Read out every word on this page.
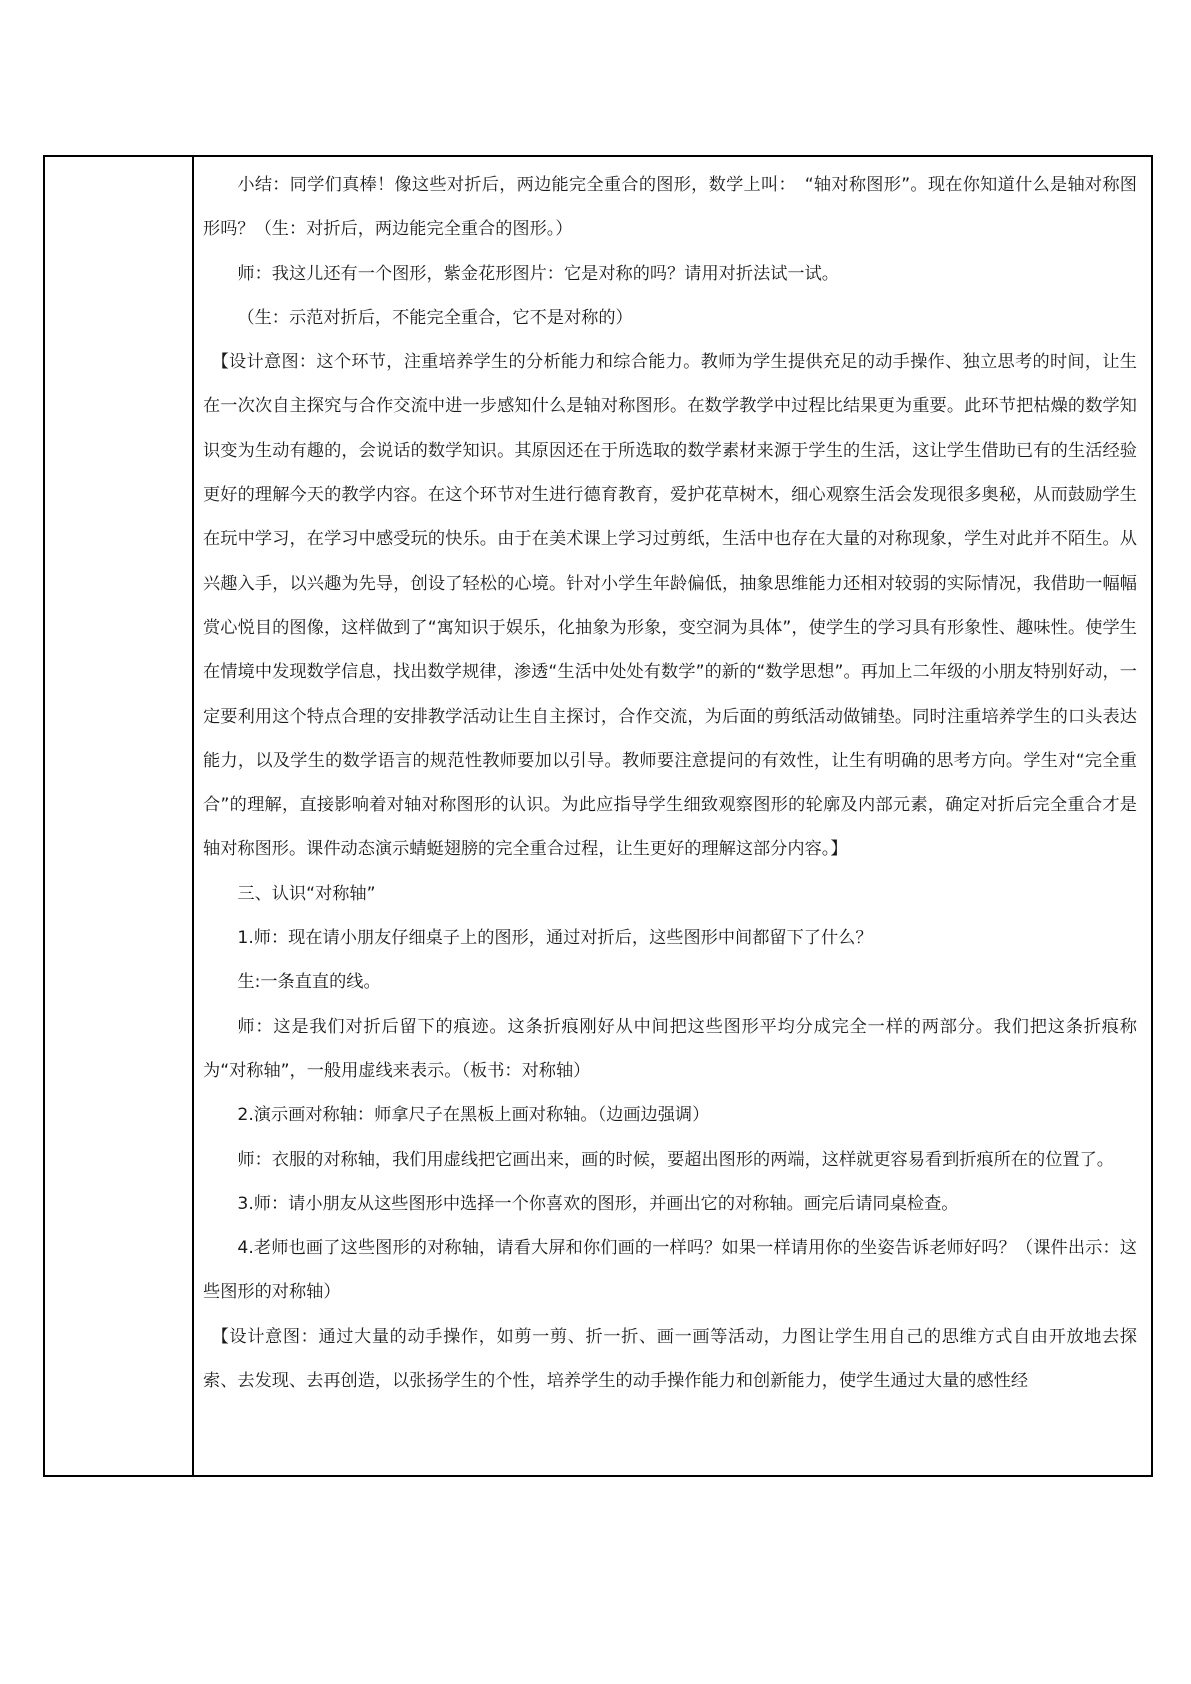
小结：同学们真棒！像这些对折后，两边能完全重合的图形，数学上叫：　“轴对称图形”。现在你知道什么是轴对称图形吗？（生：对折后，两边能完全重合的图形。）

师：我这儿还有一个图形，紫金花形图片：它是对称的吗？请用对折法试一试。

（生：示范对折后，不能完全重合，它不是对称的）

【设计意图：这个环节，注重培养学生的分析能力和综合能力。教师为学生提供充足的动手操作、独立思考的时间，让生在一次次自主探究与合作交流中进一步感知什么是轴对称图形。在数学教学中过程比结果更为重要。此环节把枯燥的数学知识变为生动有趣的，会说话的数学知识。其原因还在于所选取的数学素材来源于学生的生活，这让学生借助已有的生活经验更好的理解今天的教学内容。在这个环节对生进行德育教育，爱护花草树木，细心观察生活会发现很多奥秘，从而鼓励学生在玩中学习，在学习中感受玩的快乐。由于在美术课上学习过剪纸，生活中也存在大量的对称现象，学生对此并不陌生。从兴趣入手，以兴趣为先导，创设了轻松的心境。针对小学生年龄偏低，抽象思维能力还相对较弱的实际情况，我借助一幅幅赏心悦目的图像，这样做到了“寓知识于娱乐，化抽象为形象，变空洞为具体”，使学生的学习具有形象性、趣味性。使学生在情境中发现数学信息，找出数学规律，渗透“生活中处处有数学”的新的“数学思想”。再加上二年级的小朋友特别好动，一定要利用这个特点合理的安排教学活动让生自主探讨，合作交流，为后面的剪纸活动做铺垫。同时注重培养学生的口头表达能力，以及学生的数学语言的规范性教师要加以引导。教师要注意提问的有效性，让生有明确的思考方向。学生对“完全重合”的理解，直接影响着对轴对称图形的认识。为此应指导学生细致观察图形的轮廓及内部元素，确定对折后完全重合才是轴对称图形。课件动态演示蜻蜓翅膀的完全重合过程，让生更好的理解这部分内容。】

三、认识“对称轴”

1.师：现在请小朋友仔细桌子上的图形，通过对折后，这些图形中间都留下了什么？

生:一条直直的线。

师：这是我们对折后留下的痕迹。这条折痕刚好从中间把这些图形平均分成完全一样的两部分。我们把这条折痕称为“对称轴”，一般用虚线来表示。（板书：对称轴）

2.演示画对称轴：师拿尺子在黑板上画对称轴。（边画边强调）

师：衣服的对称轴，我们用虚线把它画出来，画的时候，要超出图形的两端，这样就更容易看到折痕所在的位置了。

3.师：请小朋友从这些图形中选择一个你喜欢的图形，并画出它的对称轴。画完后请同桌检查。

4.老师也画了这些图形的对称轴，请看大屏和你们画的一样吗？如果一样请用你的坐姿告诉老师好吗？（课件出示：这些图形的对称轴）

【设计意图：通过大量的动手操作，如剪一剪、折一折、画一画等活动，力图让学生用自己的思维方式自由开放地去探索、去发现、去再创造，以张扬学生的个性，培养学生的动手操作能力和创新能力，使学生通过大量的感性经
